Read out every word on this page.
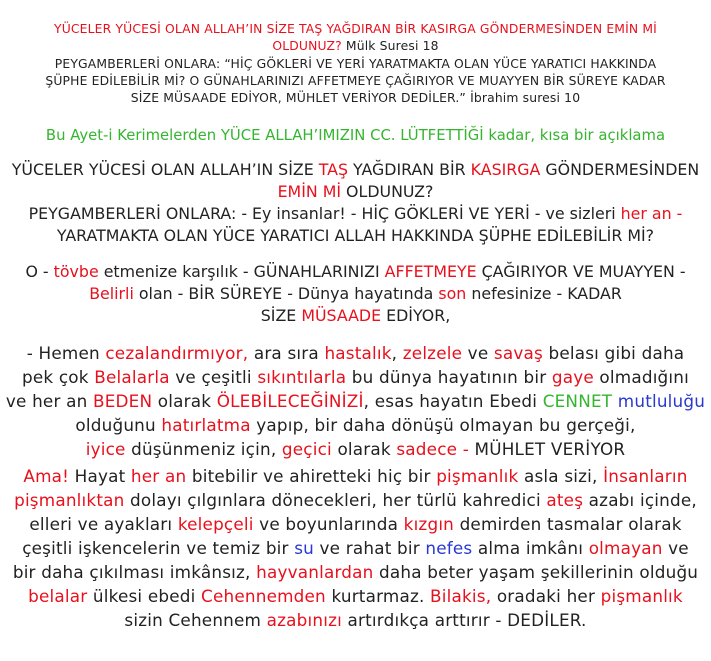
YÜCELER YÜCESİ OLAN ALLAH’IN SİZE TAŞ YAĞDIRAN BİR KASIRGA GÖNDERMESİNDEN EMİN Mİ
OLDUNUZ? Mülk Suresi 18
PEYGAMBERLERİ ONLARA: “HİÇ GÖKLERİ VE YERİ YARATMAKTA OLAN YÜCE YARATICI HAKKINDA
ŞÜPHE EDİLEBİLİR Mİ? O GÜNAHLARINIZI AFFETMEYE ÇAĞIRIYOR VE MUAYYEN BİR SÜREYE KADAR
SİZE MÜSAADE EDİYOR, MÜHLET VERİYOR DEDİLER.” İbrahim suresi 10
Bu Ayet-i Kerimelerden YÜCE ALLAH’IMIZIN CC. LÜTFETTİĞİ kadar, kısa bir açıklama
YÜCELER YÜCESİ OLAN ALLAH’IN SİZE TAŞ YAĞDIRAN BİR KASIRGA GÖNDERMESİNDEN
EMİN Mİ OLDUNUZ?
PEYGAMBERLERİ ONLARA: - Ey insanlar! - HİÇ GÖKLERİ VE YERİ - ve sizleri her an -
YARATMAKTA OLAN YÜCE YARATICI ALLAH HAKKINDA ŞÜPHE EDİLEBİLİR Mİ?
O - tövbe etmenize karşılık - GÜNAHLARINIZI AFFETMEYE ÇAĞIRIYOR VE MUAYYEN -
Belirli olan - BİR SÜREYE - Dünya hayatında son nefesinize - KADAR
SİZE MÜSAADE EDİYOR,
- Hemen cezalandırmıyor, ara sıra hastalık, zelzele ve savaş belası gibi daha
pek çok Belalarla ve çeşitli sıkıntılarla bu dünya hayatının bir gaye olmadığını
ve her an BEDEN olarak ÖLEBİLECEĞİNİZİ, esas hayatın Ebedi CENNET mutluluğu
olduğunu hatırlatma yapıp, bir daha dönüşü olmayan bu gerçeği,
iyice düşünmeniz için, geçici olarak sadece - MÜHLET VERİYOR
Ama! Hayat her an bitebilir ve ahiretteki hiç bir pişmanlık asla sizi, İnsanların
pişmanlıktan dolayı çılgınlara dönecekleri, her türlü kahredici ateş azabı içinde,
elleri ve ayakları kelepçeli ve boyunlarında kızgın demirden tasmalar olarak
çeşitli işkencelerin ve temiz bir su ve rahat bir nefes alma imkânı olmayan ve
bir daha çıkılması imkânsız, hayvanlardan daha beter yaşam şekillerinin olduğu
belalar ülkesi ebedi Cehennemden kurtarmaz. Bilakis, oradaki her pişmanlık
sizin Cehennem azabınızı artırdıkça arttırır - DEDİLER.
